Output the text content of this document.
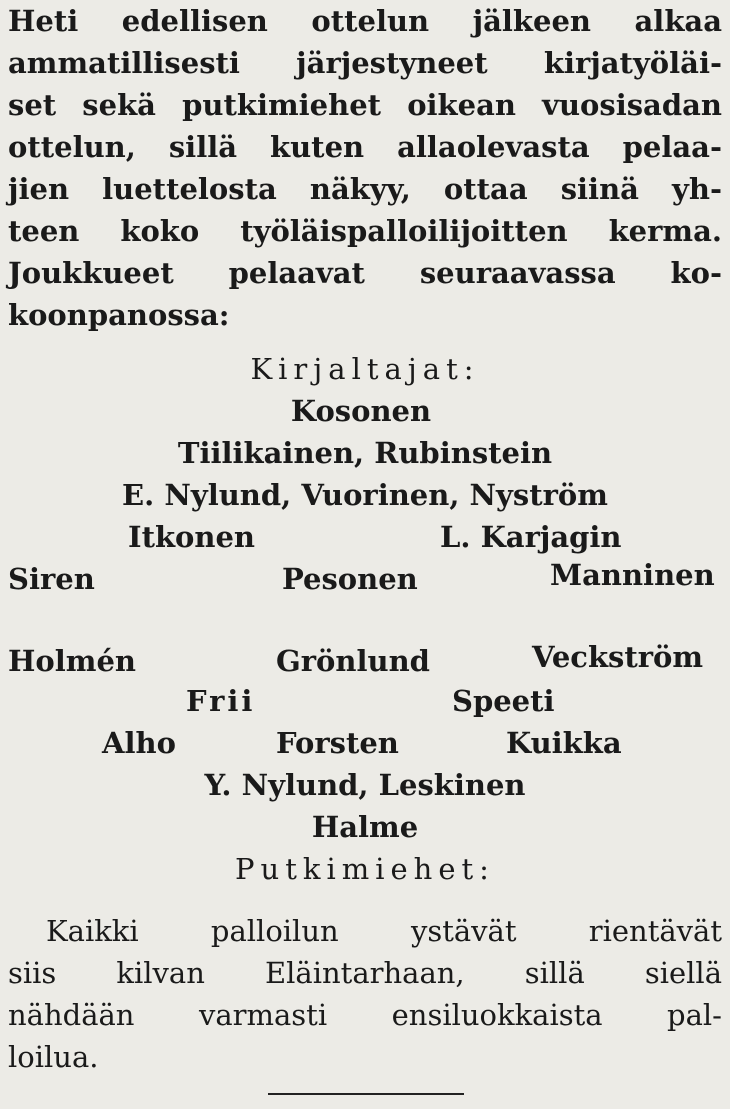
Heti edellisen ottelun jälkeen alkaa
ammatillisesti järjestyneet kirjatyöläi-
set sekä putkimiehet oikean vuosisadan
ottelun, sillä kuten allaolevasta pelaa-
jien luettelosta näkyy, ottaa siinä yh-
teen koko työläispalloilijoitten kerma.
Joukkueet pelaavat seuraavassa ko-
koonpanossa:
Kirjaltajat:
Kosonen
Tiilikainen, Rubinstein
E. Nylund, Vuorinen, Nyström
Itkonen	L. Karjagin
Siren	Pesonen	Manninen
Holmén	Grönlund	Veckström
Frii	Speeti
Alho	Forsten	Kuikka
Y. Nylund, Leskinen
Halme
Putkimiehet:
Kaikki palloilun ystävät rientävät
siis kilvan Eläintarhaan, sillä siellä
nähdään varmasti ensiluokkaista pal-
loilua.
